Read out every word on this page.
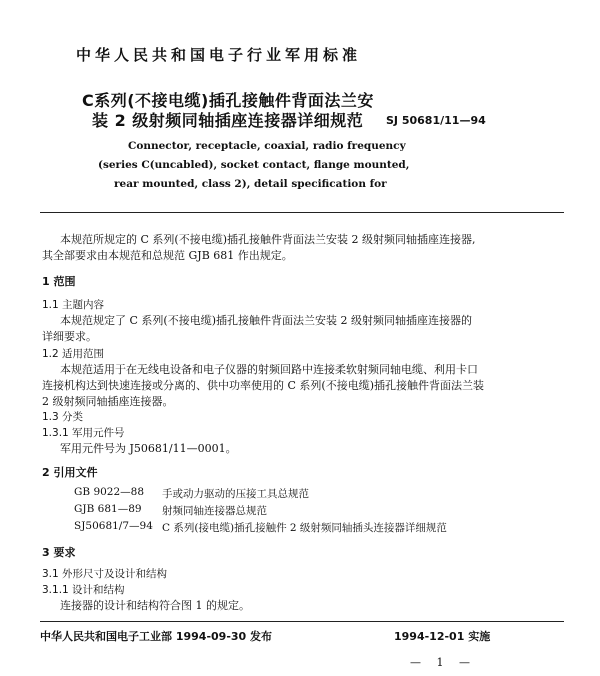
中华人民共和国电子行业军用标准
C系列(不接电缆)插孔接触件背面法兰安
装 2 级射频同轴插座连接器详细规范 SJ 50681/11—94
Connector, receptacle, coaxial, radio frequency
(series C(uncabled), socket contact, flange mounted,
rear mounted, class 2), detail specification for
本规范所规定的 C 系列(不接电缆)插孔接触件背面法兰安装 2 级射频同轴插座连接器,
其全部要求由本规范和总规范 GJB 681 作出规定。
1 范围
1.1 主题内容
本规范规定了 C 系列(不接电缆)插孔接触件背面法兰安装 2 级射频同轴插座连接器的
详细要求。
1.2 适用范围
本规范适用于在无线电设备和电子仪器的射频回路中连接柔软射频同轴电缆、利用卡口
连接机构达到快速连接或分离的、供中功率使用的 C 系列(不接电缆)插孔接触件背面法兰装
2 级射频同轴插座连接器。
1.3 分类
1.3.1 军用元件号
军用元件号为 J50681/11—0001。
2 引用文件
GB 9022—88 手或动力驱动的压接工具总规范
GJB 681—89 射频同轴连接器总规范
SJ50681/7—94 C 系列(接电缆)插孔接触件 2 级射频同轴插头连接器详细规范
3 要求
3.1 外形尺寸及设计和结构
3.1.1 设计和结构
连接器的设计和结构符合图 1 的规定。
中华人民共和国电子工业部 1994-09-30 发布	1994-12-01 实施
— 1 —
